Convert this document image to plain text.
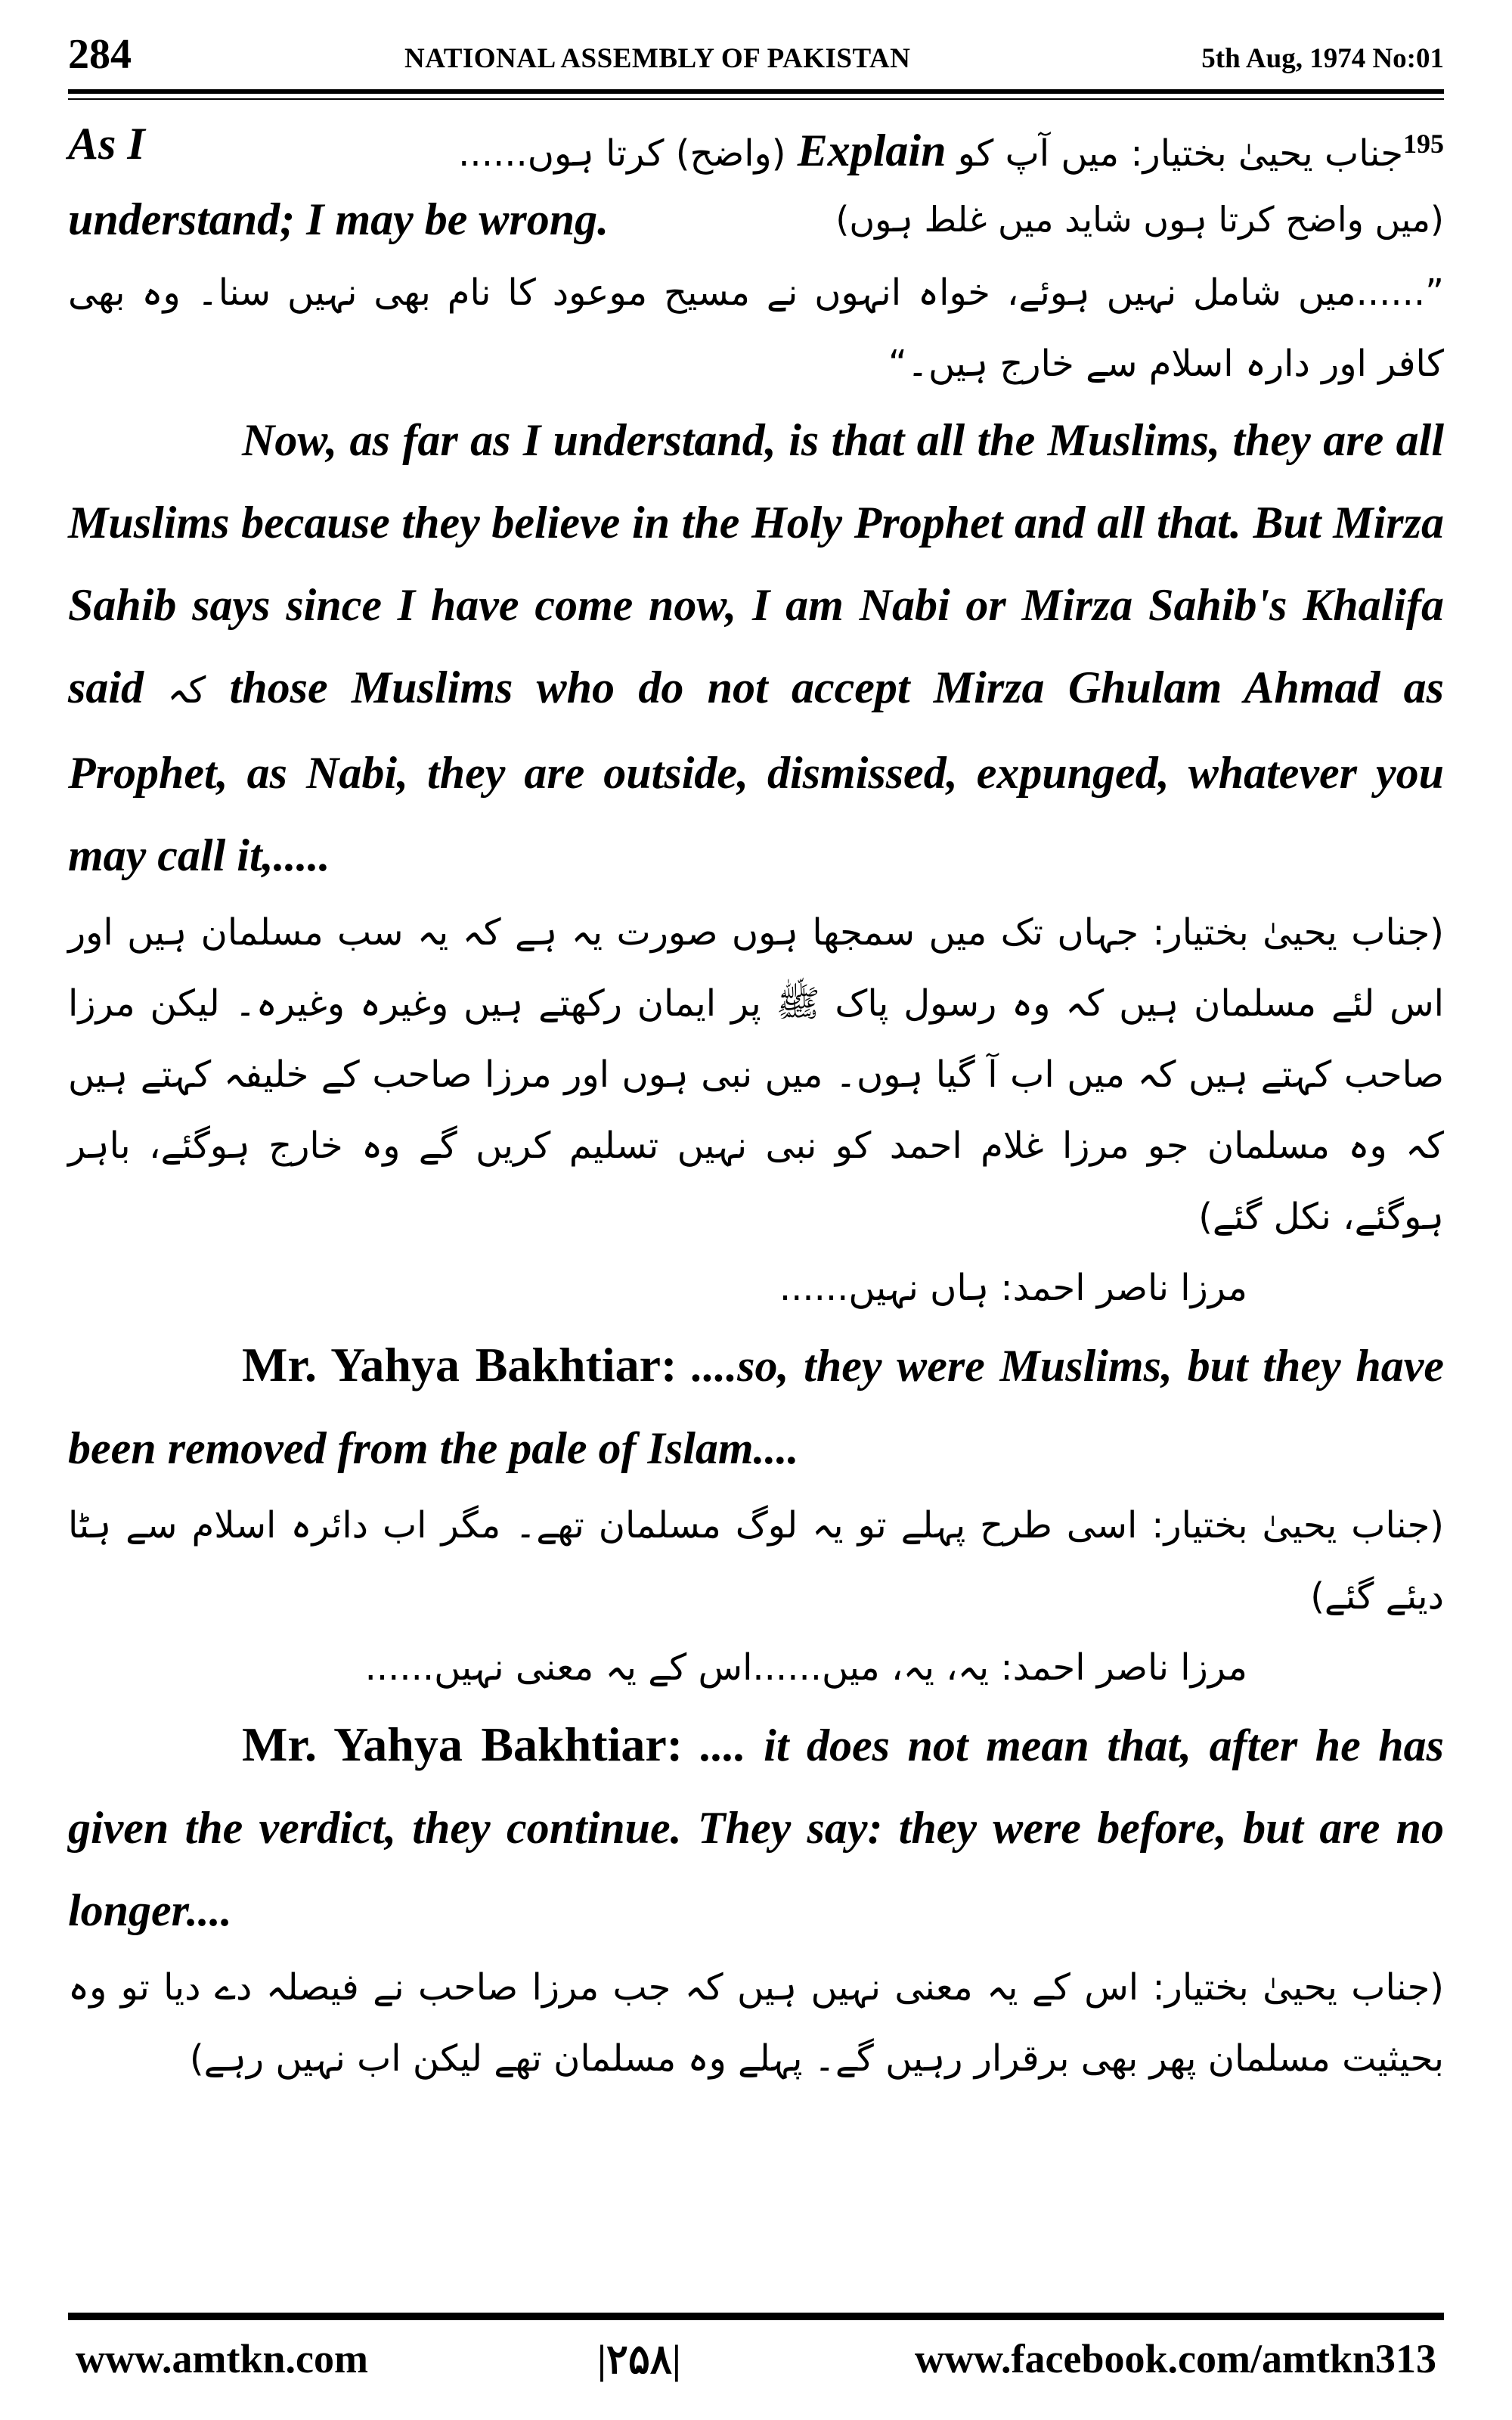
284	NATIONAL ASSEMBLY OF PAKISTAN	5th Aug, 1974 No:01
As I	$^{195}$جناب یحییٰ بختیار: میں آپ کو Explain (واضح) کرتا ہوں......
understand; I may be wrong.	(میں واضح کرتا ہوں شاید میں غلط ہوں)

”......میں شامل نہیں ہوئے، خواہ انہوں نے مسیح موعود کا نام بھی نہیں سنا۔ وہ بھی کافر اور دارہ اسلام سے خارج ہیں۔“

Now, as far as I understand, is that all the Muslims, they are all Muslims because they believe in the Holy Prophet and all that. But Mirza Sahib says since I have come now, I am Nabi or Mirza Sahib's Khalifa said کہ those Muslims who do not accept Mirza Ghulam Ahmad as Prophet, as Nabi, they are outside, dismissed, expunged, whatever you may call it,.....

(جناب یحییٰ بختیار: جہاں تک میں سمجھا ہوں صورت یہ ہے کہ یہ سب مسلمان ہیں اور اس لئے مسلمان ہیں کہ وہ رسول پاک ﷺ پر ایمان رکھتے ہیں وغیرہ وغیرہ۔ لیکن مرزا صاحب کہتے ہیں کہ میں اب آ گیا ہوں۔ میں نبی ہوں اور مرزا صاحب کے خلیفہ کہتے ہیں کہ وہ مسلمان جو مرزا غلام احمد کو نبی نہیں تسلیم کریں گے وہ خارج ہوگئے، باہر ہوگئے، نکل گئے)

مرزا ناصر احمد: ہاں نہیں......

Mr. Yahya Bakhtiar: ....so, they were Muslims, but they have been removed from the pale of Islam....

(جناب یحییٰ بختیار: اسی طرح پہلے تو یہ لوگ مسلمان تھے۔ مگر اب دائرہ اسلام سے ہٹا دیئے گئے)

مرزا ناصر احمد: یہ، یہ، میں......اس کے یہ معنی نہیں......

Mr. Yahya Bakhtiar: .... it does not mean that, after he has given the verdict, they continue. They say: they were before, but are no longer....

(جناب یحییٰ بختیار: اس کے یہ معنی نہیں ہیں کہ جب مرزا صاحب نے فیصلہ دے دیا تو وہ بحیثیت مسلمان پھر بھی برقرار رہیں گے۔ پہلے وہ مسلمان تھے لیکن اب نہیں رہے)

www.amtkn.com	|۲۵۸|	www.facebook.com/amtkn313
